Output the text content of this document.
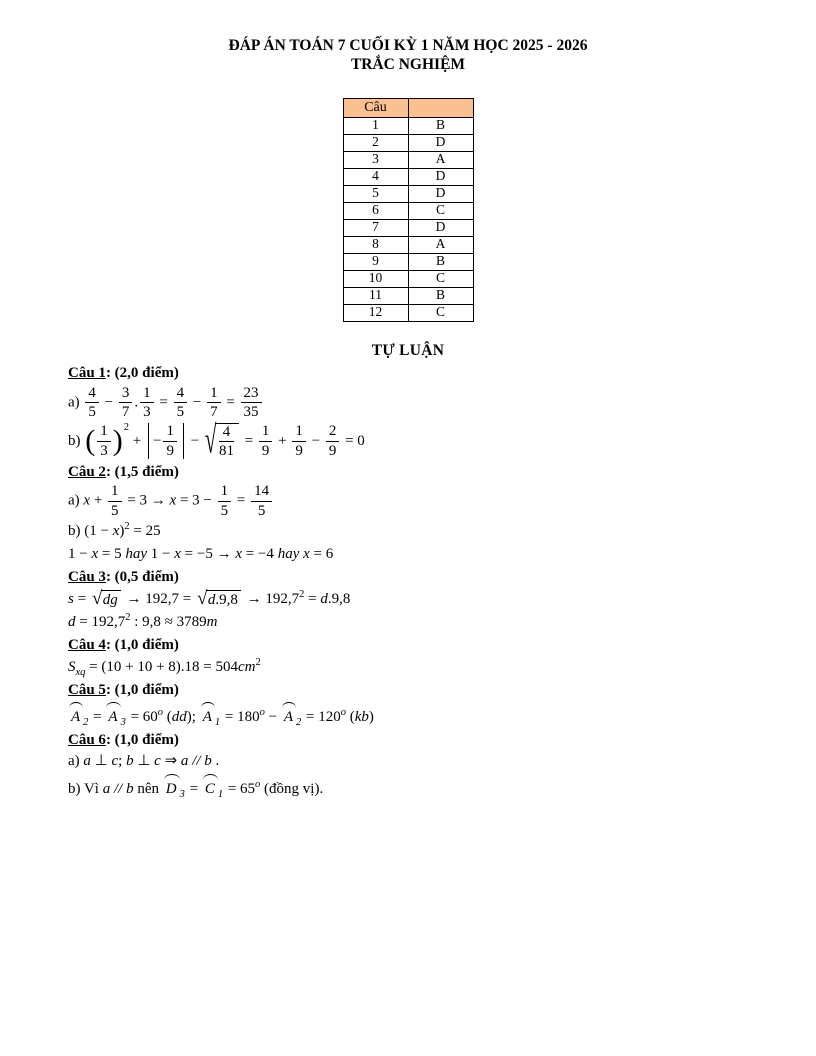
ĐÁP ÁN TOÁN 7 CUỐI KỲ 1 NĂM HỌC 2025 - 2026
TRẮC NGHIỆM
Câu	
1	B
2	D
3	A
4	D
5	D
6	C
7	D
8	A
9	B
10	C
11	B
12	C
TỰ LUẬN
Câu 1: (2,0 điểm)
$a) \frac{4}{5} - \frac{3}{7}$ . $\frac{1}{3} = \frac{4}{5} - \frac{1}{7} = \frac{23}{35}$
b) ( $\frac{1}{3}$ ) $^2$ + − $\frac{1}{9}$ − √ $\frac{4}{81} = \frac{1}{9} + \frac{1}{9} - \frac{2}{9} = 0$
Câu 2: (1,5 điểm)
a) $x + \frac{1}{5} = 3 \to x = 3 - \frac{1}{5} = \frac{14}{5}$
b) $(1 - x)^2 = 25$
1 − x = 5 hay 1 − x = −5 → x = −4 hay x = 6
Câu 3: (0,5 điểm)
s = √ dg → 192,7 = √ $d.9,8 \to 192,7^2 = d.9,8$
$d = 192,7^2$ : 9,8 ≈ 3789m
Câu 4: (1,0 điểm)
$S_{xq} = (10 + 10 + 8).18 = 504cm^2$
Câu 5: (1,0 điểm)
A $_2$ = A $_3 = 60^o$ (dd); A $_1 = 180^o - A$ $_2 = 120^o$ (kb)
Câu 6: (1,0 điểm)
a) a ⊥ c; b ⊥ c ⇒ a // b .
b) Vì a // b nên D $_3$ = C $_1 = 65^o$ (đồng vị).
